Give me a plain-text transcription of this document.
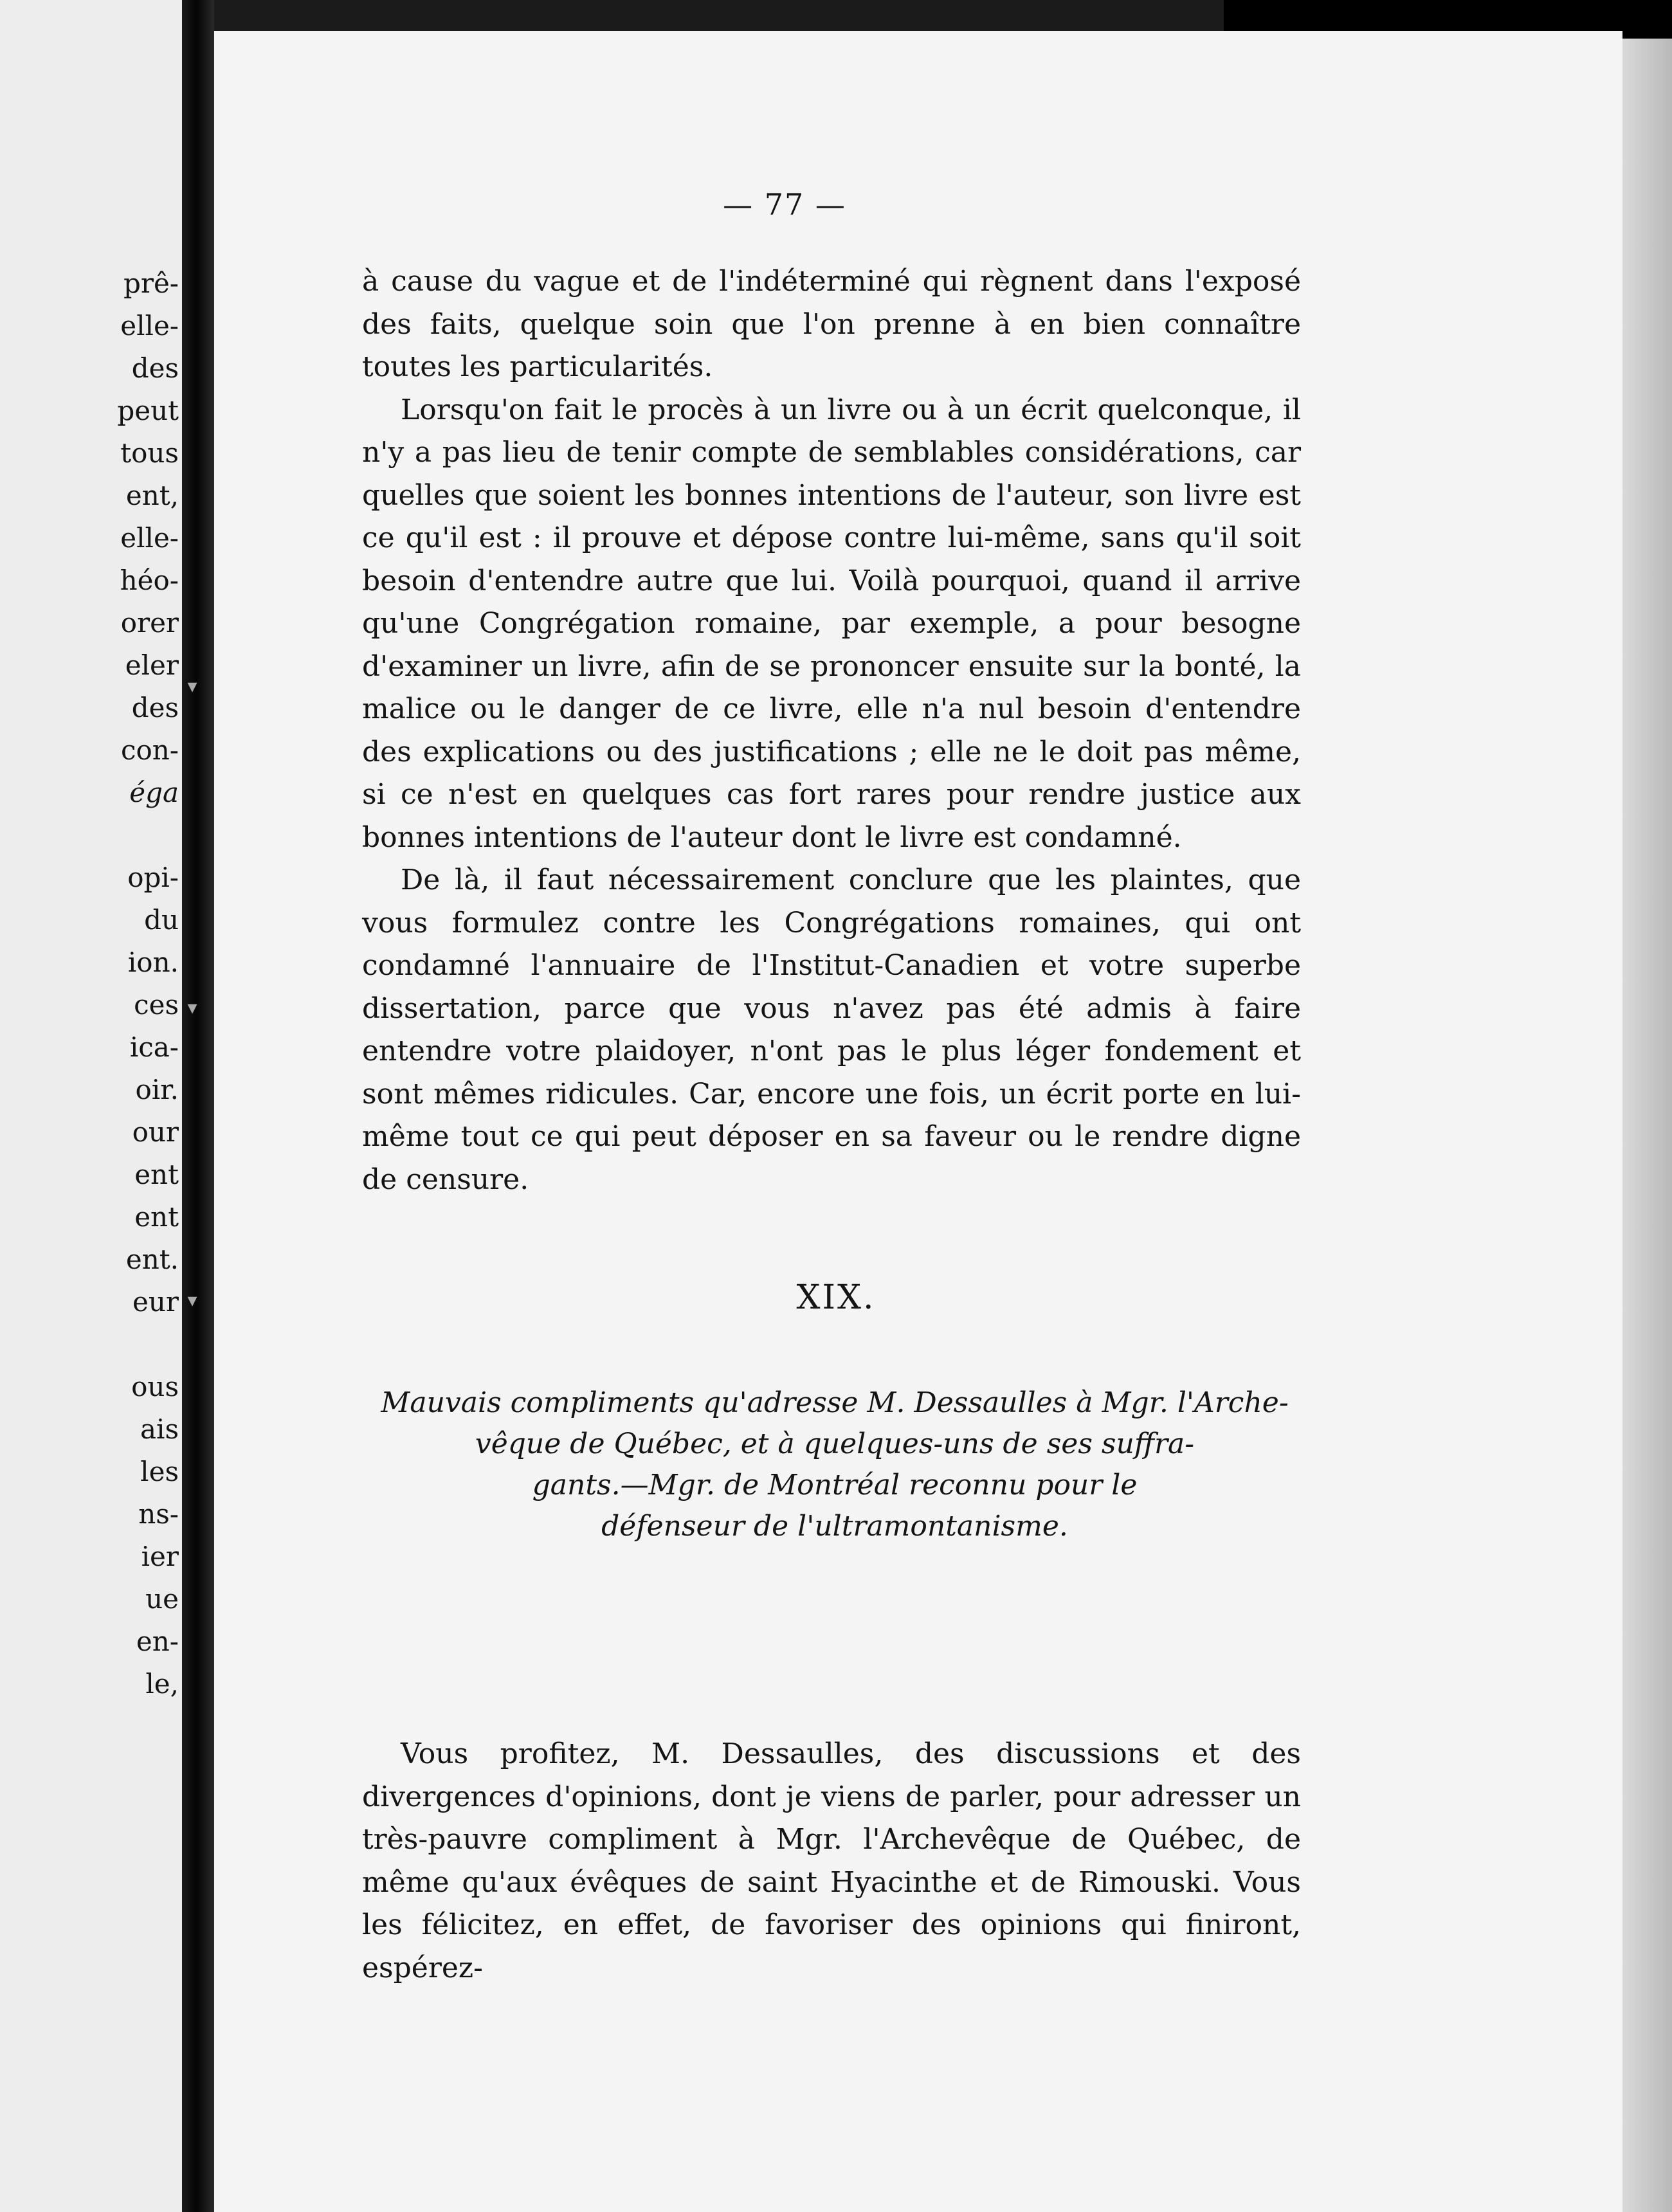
prê-
elle-
des
peut
tous
ent,
elle-
héo-
orer
eler
des
con-
éga
opi-
du
ion.
ces
ica-
oir.
our
ent
ent
ent.
eur
ous
ais
les
ns-
ier
ue
en-
le,
▾
▾
▾
— 77 —

à cause du vague et de l'indéterminé qui règnent dans l'exposé des faits, quelque soin que l'on prenne à en bien connaître toutes les particularités.

Lorsqu'on fait le procès à un livre ou à un écrit quelconque, il n'y a pas lieu de tenir compte de semblables considérations, car quelles que soient les bonnes intentions de l'auteur, son livre est ce qu'il est : il prouve et dépose contre lui-même, sans qu'il soit besoin d'entendre autre que lui. Voilà pourquoi, quand il arrive qu'une Congrégation romaine, par exemple, a pour besogne d'examiner un livre, afin de se prononcer ensuite sur la bonté, la malice ou le danger de ce livre, elle n'a nul besoin d'entendre des explications ou des justifications ; elle ne le doit pas même, si ce n'est en quelques cas fort rares pour rendre justice aux bonnes intentions de l'auteur dont le livre est condamné.

De là, il faut nécessairement conclure que les plaintes, que vous formulez contre les Congrégations romaines, qui ont condamné l'annuaire de l'Institut-Canadien et votre superbe dissertation, parce que vous n'avez pas été admis à faire entendre votre plaidoyer, n'ont pas le plus léger fondement et sont mêmes ridicules. Car, encore une fois, un écrit porte en lui-même tout ce qui peut déposer en sa faveur ou le rendre digne de censure.

XIX.
Mauvais compliments qu'adresse M. Dessaulles à Mgr. l'Arche-
vêque de Québec, et à quelques-uns de ses suffra-
gants.—Mgr. de Montréal reconnu pour le
défenseur de l'ultramontanisme.

Vous profitez, M. Dessaulles, des discussions et des divergences d'opinions, dont je viens de parler, pour adresser un très-pauvre compliment à Mgr. l'Archevêque de Québec, de même qu'aux évêques de saint Hyacinthe et de Rimouski. Vous les félicitez, en effet, de favoriser des opinions qui finiront, espérez-
